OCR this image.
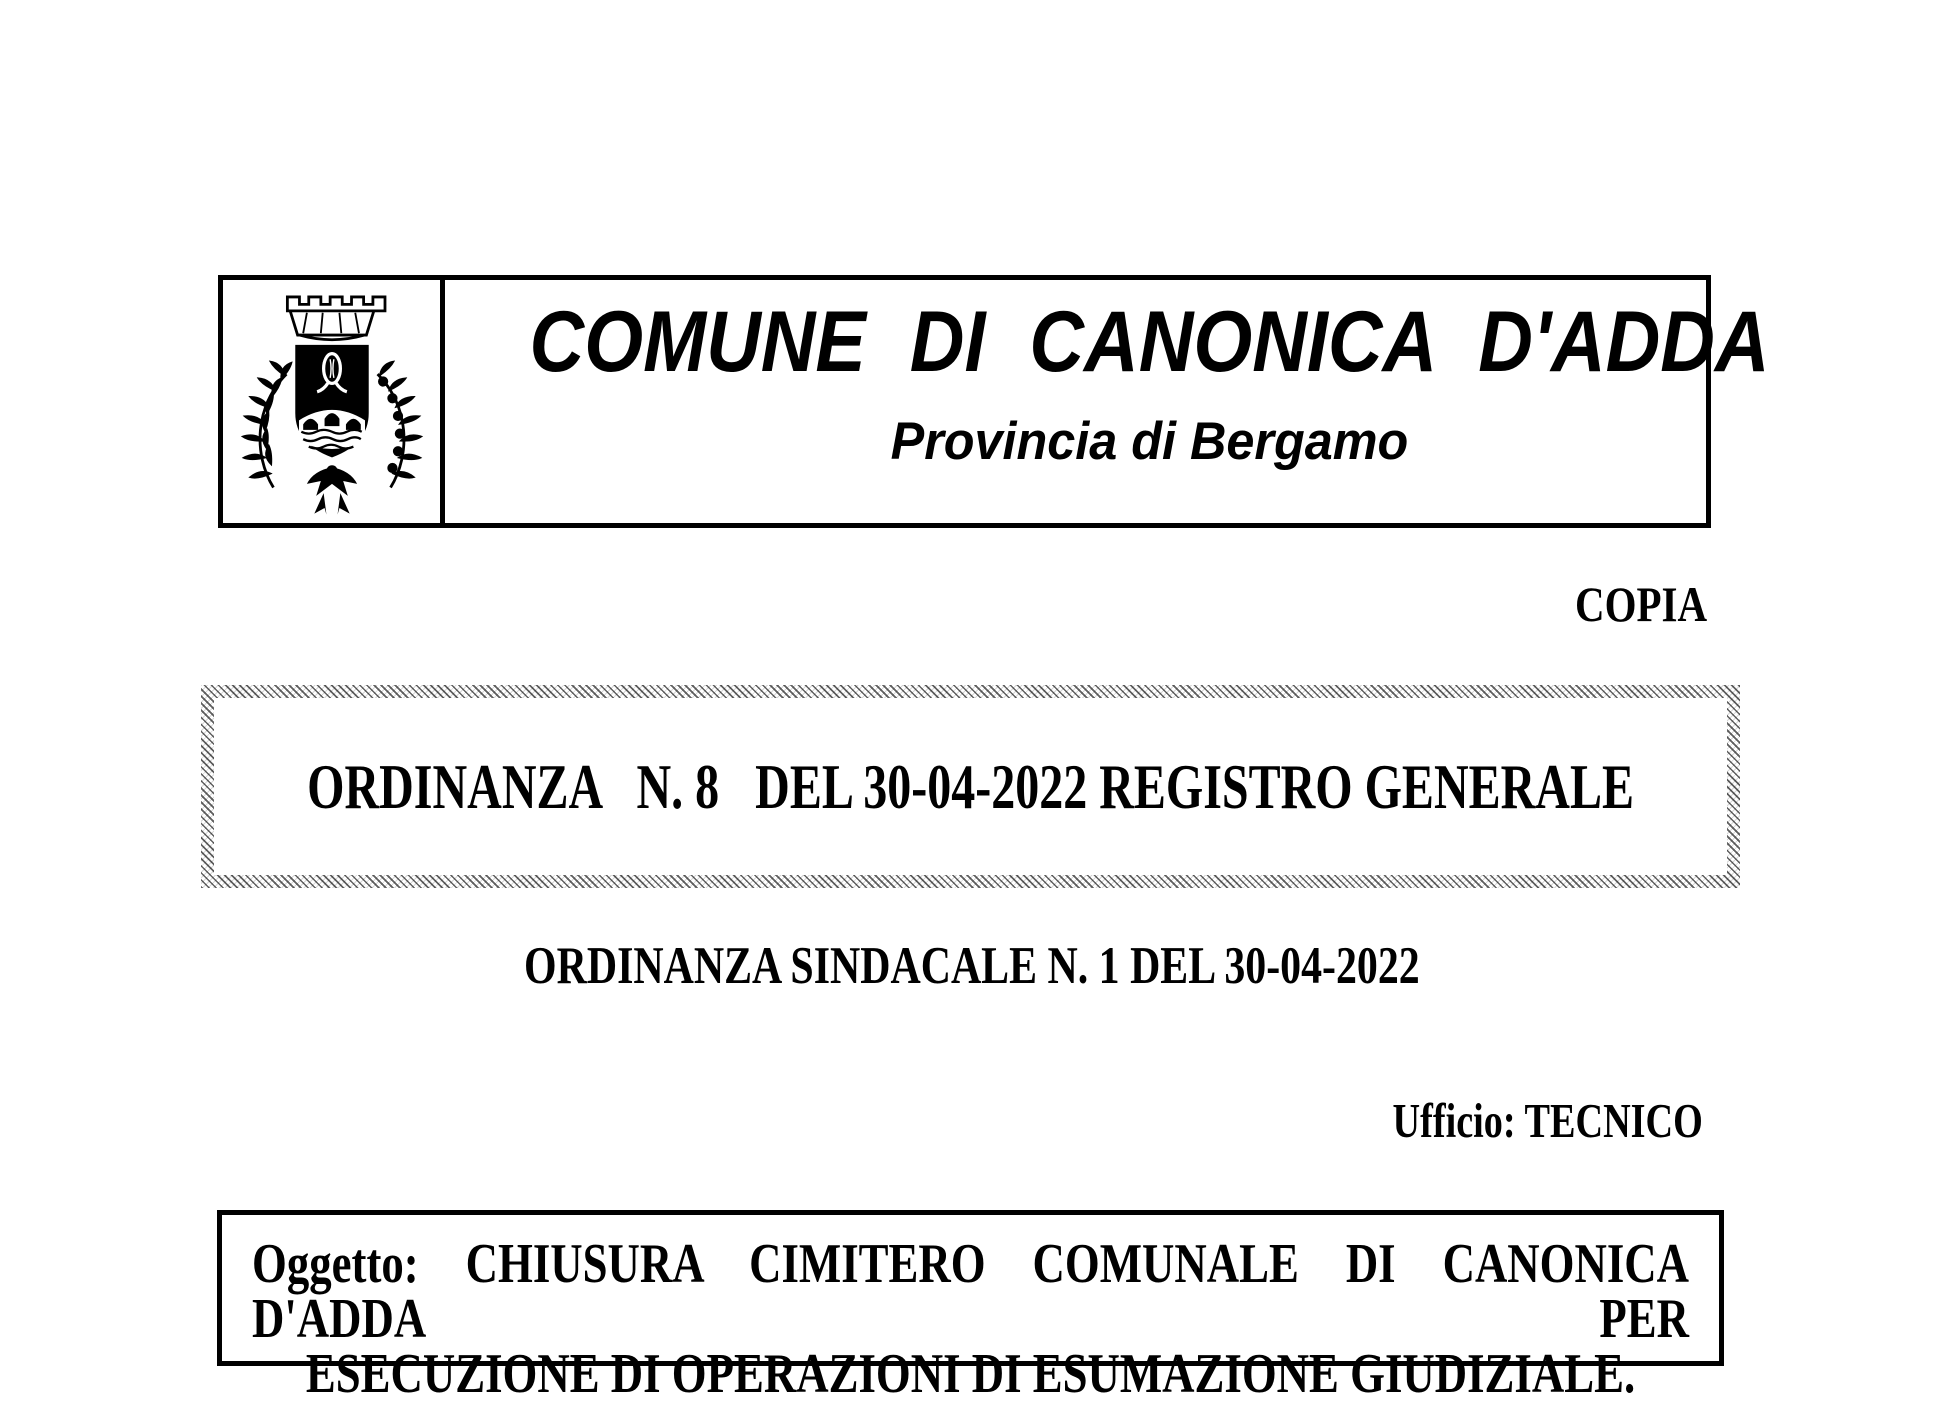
COMUNE DI CANONICA D'ADDA
Provincia di Bergamo
COPIA
ORDINANZA   N. 8   DEL 30-04-2022 REGISTRO GENERALE
ORDINANZA SINDACALE N. 1 DEL 30-04-2022
Ufficio: TECNICO
Oggetto: CHIUSURA CIMITERO COMUNALE DI CANONICA D'ADDA PER
ESECUZIONE DI OPERAZIONI DI ESUMAZIONE GIUDIZIALE.
